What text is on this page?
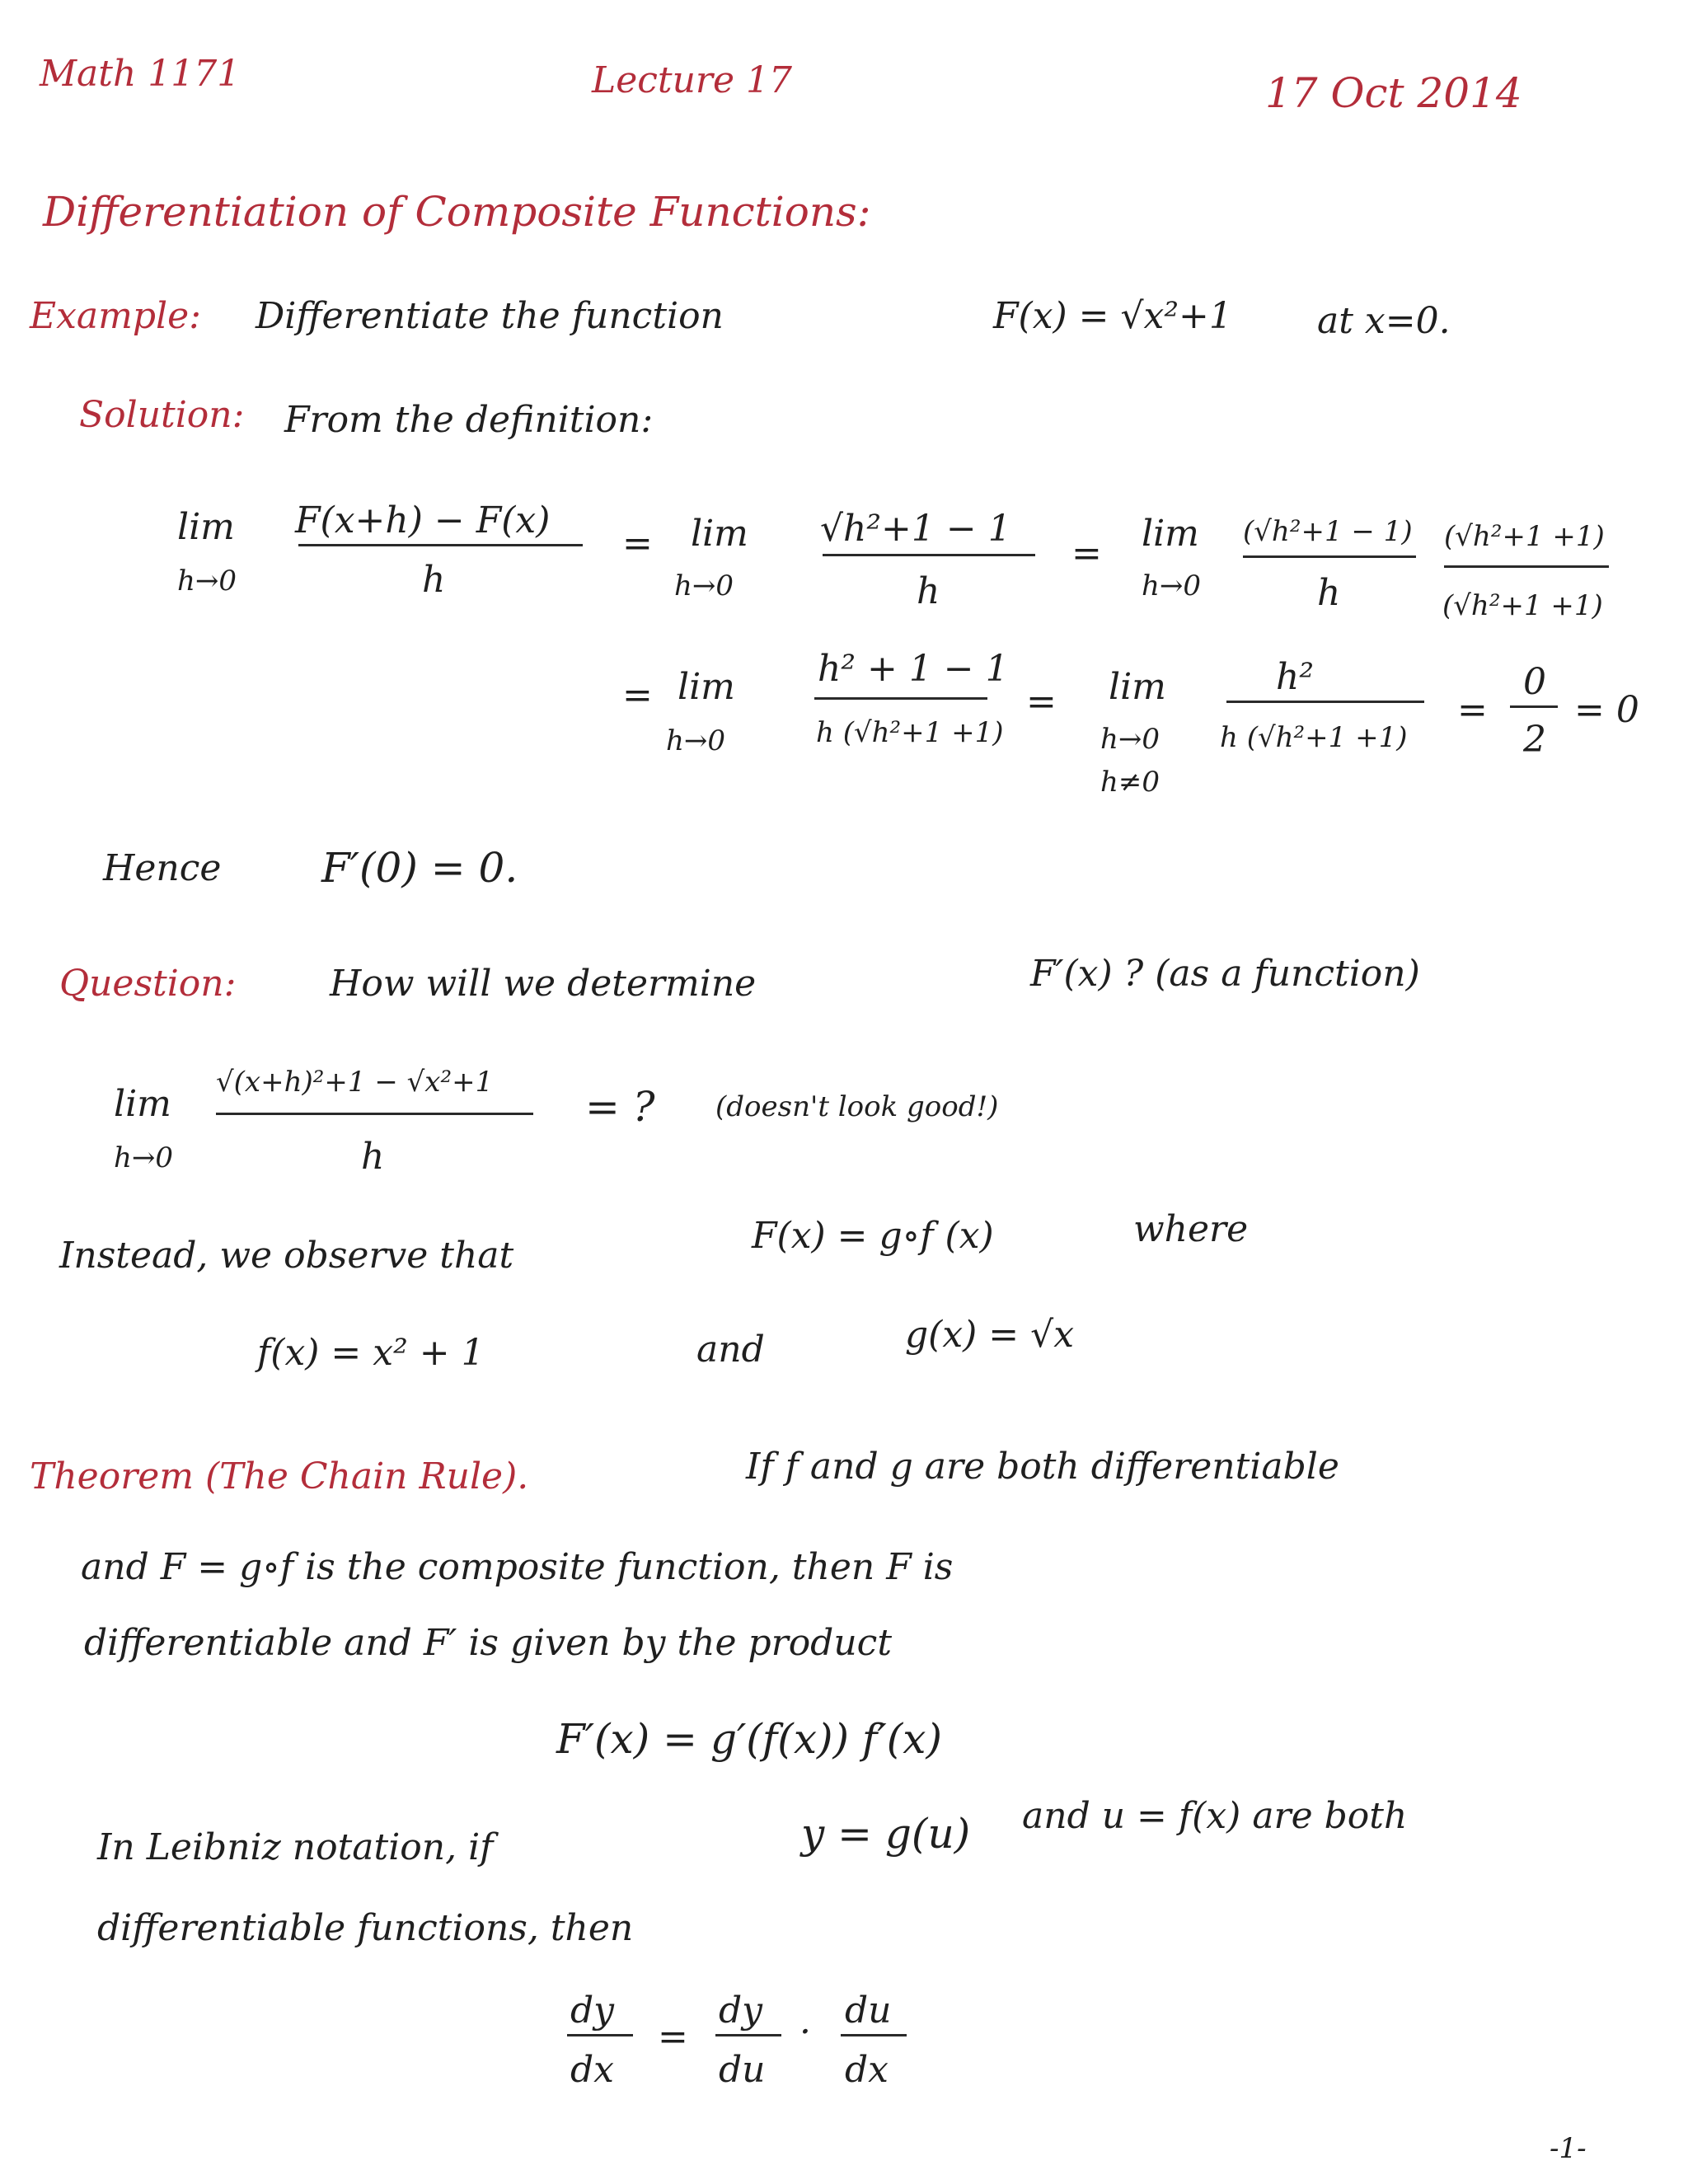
Math 1171	Lecture 17	17 Oct 2014
Differentiation of Composite Functions:
Example: Differentiate the function	F(x) = √x²+1 at x=0.
Solution: From the definition:
lim
h→0
F(x+h) − F(x)
h
= lim
h→0
√h²+1 − 1
h
= lim
h→0
(√h²+1 − 1)
h
(√h²+1 +1)
(√h²+1 +1)
= lim
h→0
h² + 1 − 1
h (√h²+1 +1)
= lim
h→0
h≠0
h²
h (√h²+1 +1)
=
0
2
= 0
Hence F′(0) = 0.
Question:	How will we determine	F′(x) ? (as a function)
lim
h→0
√(x+h)²+1 − √x²+1
h
= ? (doesn't look good!)
Instead, we observe that	F(x) = g∘f (x)	where
f(x) = x² + 1	and	g(x) = √x
Theorem (The Chain Rule).	If f and g are both differentiable
and F = g∘f is the composite function, then F is
differentiable and F′ is given by the product
F′(x) = g′(f(x)) f′(x)
In Leibniz notation, if	y = g(u) and u = f(x) are both
differentiable functions, then
dy
dx
=
dy
du
·
du
dx
-1-
